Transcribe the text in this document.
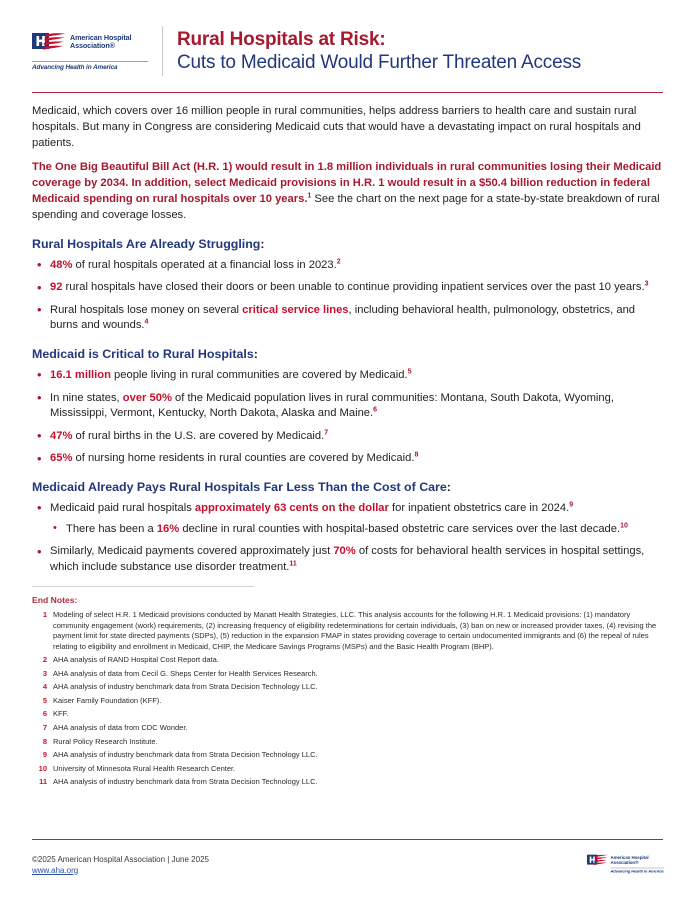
American Hospital
Association®
Advancing Health in America
Rural Hospitals at Risk:
Cuts to Medicaid Would Further Threaten Access

Medicaid, which covers over 16 million people in rural communities, helps address barriers to health care and sustain rural hospitals. But many in Congress are considering Medicaid cuts that would have a devastating impact on rural hospitals and patients.

The One Big Beautiful Bill Act (H.R. 1) would result in 1.8 million individuals in rural communities losing their Medicaid coverage by 2034. In addition, select Medicaid provisions in H.R. 1 would result in a $50.4 billion reduction in federal Medicaid spending on rural hospitals over 10 years.$^1$ See the chart on the next page for a state-by-state breakdown of rural spending and coverage losses.

Rural Hospitals Are Already Struggling:
• 48% of rural hospitals operated at a financial loss in 2023.$^2$
• 92 rural hospitals have closed their doors or been unable to continue providing inpatient services over the past 10 years.$^3$
• Rural hospitals lose money on several critical service lines, including behavioral health, pulmonology, obstetrics, and burns and wounds.$^4$
Medicaid is Critical to Rural Hospitals:
• 16.1 million people living in rural communities are covered by Medicaid.$^5$
• In nine states, over 50% of the Medicaid population lives in rural communities: Montana, South Dakota, Wyoming, Mississippi, Vermont, Kentucky, North Dakota, Alaska and Maine.$^6$
• 47% of rural births in the U.S. are covered by Medicaid.$^7$
• 65% of nursing home residents in rural counties are covered by Medicaid.$^8$
Medicaid Already Pays Rural Hospitals Far Less Than the Cost of Care:
• Medicaid paid rural hospitals approximately 63 cents on the dollar for inpatient obstetrics care in 2024.$^9$
• There has been a 16% decline in rural counties with hospital-based obstetric care services over the last decade.$^{10}$
• Similarly, Medicaid payments covered approximately just 70% of costs for behavioral health services in hospital settings, which include substance use disorder treatment.$^{11}$
End Notes:
1 Modeling of select H.R. 1 Medicaid provisions conducted by Manatt Health Strategies, LLC. This analysis accounts for the following H.R. 1 Medicaid provisions: (1) mandatory community engagement (work) requirements, (2) increasing frequency of eligibility redeterminations for certain individuals, (3) ban on new or increased provider taxes, (4) revising the payment limit for state directed payments (SDPs), (5) reduction in the expansion FMAP in states providing coverage to certain undocumented immigrants and (6) the repeal of rules relating to eligibility and enrollment in Medicaid, CHIP, the Medicare Savings Programs (MSPs) and the Basic Health Program (BHP).
2 AHA analysis of RAND Hospital Cost Report data.
3 AHA analysis of data from Cecil G. Sheps Center for Health Services Research.
4 AHA analysis of industry benchmark data from Strata Decision Technology LLC.
5 Kaiser Family Foundation (KFF).
6 KFF.
7 AHA analysis of data from CDC Wonder.
8 Rural Policy Research Institute.
9 AHA analysis of industry benchmark data from Strata Decision Technology LLC.
10 University of Minnesota Rural Health Research Center.
11 AHA analysis of industry benchmark data from Strata Decision Technology LLC.
©2025 American Hospital Association | June 2025
www.aha.org
American Hospital
Association®
Advancing Health in America
